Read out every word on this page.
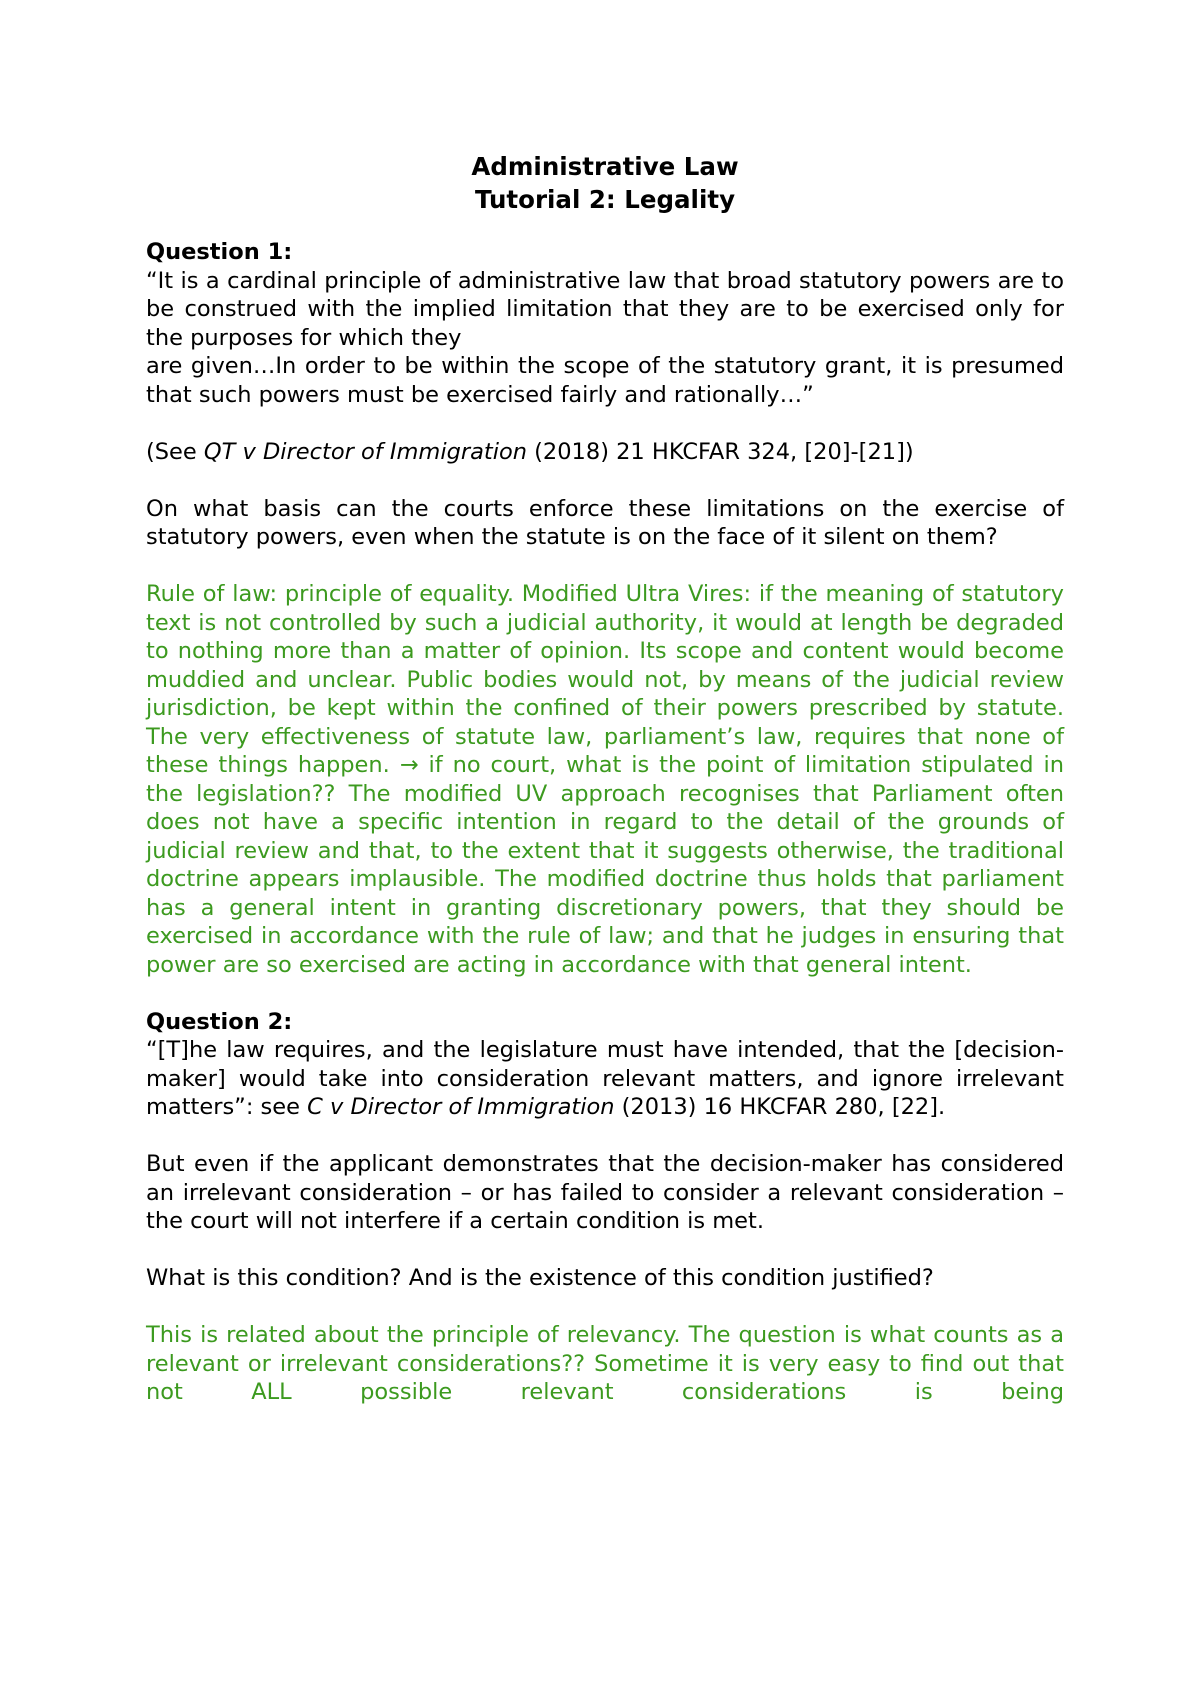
Administrative Law
Tutorial 2: Legality

Question 1:

“It is a cardinal principle of administrative law that broad statutory powers are to be construed with the implied limitation that they are to be exercised only for the purposes for which they

are given…In order to be within the scope of the statutory grant, it is presumed that such powers must be exercised fairly and rationally…”

(See QT v Director of Immigration (2018) 21 HKCFAR 324, [20]-[21])

On what basis can the courts enforce these limitations on the exercise of statutory powers, even when the statute is on the face of it silent on them?

Rule of law: principle of equality. Modified Ultra Vires: if the meaning of statutory text is not controlled by such a judicial authority, it would at length be degraded to nothing more than a matter of opinion. Its scope and content would become muddied and unclear. Public bodies would not, by means of the judicial review jurisdiction, be kept within the confined of their powers prescribed by statute. The very effectiveness of statute law, parliament’s law, requires that none of these things happen. → if no court, what is the point of limitation stipulated in the legislation?? The modified UV approach recognises that Parliament often does not have a specific intention in regard to the detail of the grounds of judicial review and that, to the extent that it suggests otherwise, the traditional doctrine appears implausible. The modified doctrine thus holds that parliament has a general intent in granting discretionary powers, that they should be exercised in accordance with the rule of law; and that he judges in ensuring that power are so exercised are acting in accordance with that general intent.

Question 2:

“[T]he law requires, and the legislature must have intended, that the [decision-maker] would take into consideration relevant matters, and ignore irrelevant matters”: see C v Director of Immigration (2013) 16 HKCFAR 280, [22].

But even if the applicant demonstrates that the decision-maker has considered an irrelevant consideration – or has failed to consider a relevant consideration – the court will not interfere if a certain condition is met.

What is this condition? And is the existence of this condition justified?

This is related about the principle of relevancy. The question is what counts as a relevant or irrelevant considerations?? Sometime it is very easy to find out that not ALL possible relevant considerations is being
